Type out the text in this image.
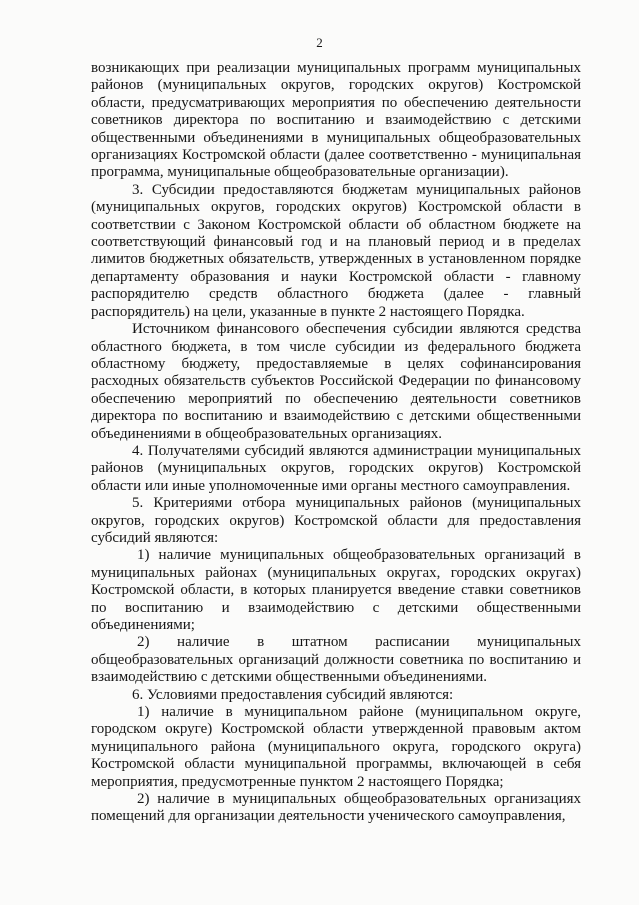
2

возникающих при реализации муниципальных программ муниципальных районов (муниципальных округов, городских округов) Костромской области, предусматривающих мероприятия по обеспечению деятельности советников директора по воспитанию и взаимодействию с детскими общественными объединениями в муниципальных общеобразовательных организациях Костромской области (далее соответственно - муниципальная программа, муниципальные общеобразовательные организации).

3. Субсидии предоставляются бюджетам муниципальных районов (муниципальных округов, городских округов) Костромской области в соответствии с Законом Костромской области об областном бюджете на соответствующий финансовый год и на плановый период и в пределах лимитов бюджетных обязательств, утвержденных в установленном порядке департаменту образования и науки Костромской области - главному распорядителю средств областного бюджета (далее - главный распорядитель) на цели, указанные в пункте 2 настоящего Порядка.

Источником финансового обеспечения субсидии являются средства областного бюджета, в том числе субсидии из федерального бюджета областному бюджету, предоставляемые в целях софинансирования расходных обязательств субъектов Российской Федерации по финансовому обеспечению мероприятий по обеспечению деятельности советников директора по воспитанию и взаимодействию с детскими общественными объединениями в общеобразовательных организациях.

4. Получателями субсидий являются администрации муниципальных районов (муниципальных округов, городских округов) Костромской области или иные уполномоченные ими органы местного самоуправления.

5. Критериями отбора муниципальных районов (муниципальных округов, городских округов) Костромской области для предоставления субсидий являются:

1) наличие муниципальных общеобразовательных организаций в муниципальных районах (муниципальных округах, городских округах) Костромской области, в которых планируется введение ставки советников по воспитанию и взаимодействию с детскими общественными объединениями;

2) наличие в штатном расписании муниципальных общеобразовательных организаций должности советника по воспитанию и взаимодействию с детскими общественными объединениями.

6. Условиями предоставления субсидий являются:

1) наличие в муниципальном районе (муниципальном округе, городском округе) Костромской области утвержденной правовым актом муниципального района (муниципального округа, городского округа) Костромской области муниципальной программы, включающей в себя мероприятия, предусмотренные пунктом 2 настоящего Порядка;

2) наличие в муниципальных общеобразовательных организациях помещений для организации деятельности ученического самоуправления,
